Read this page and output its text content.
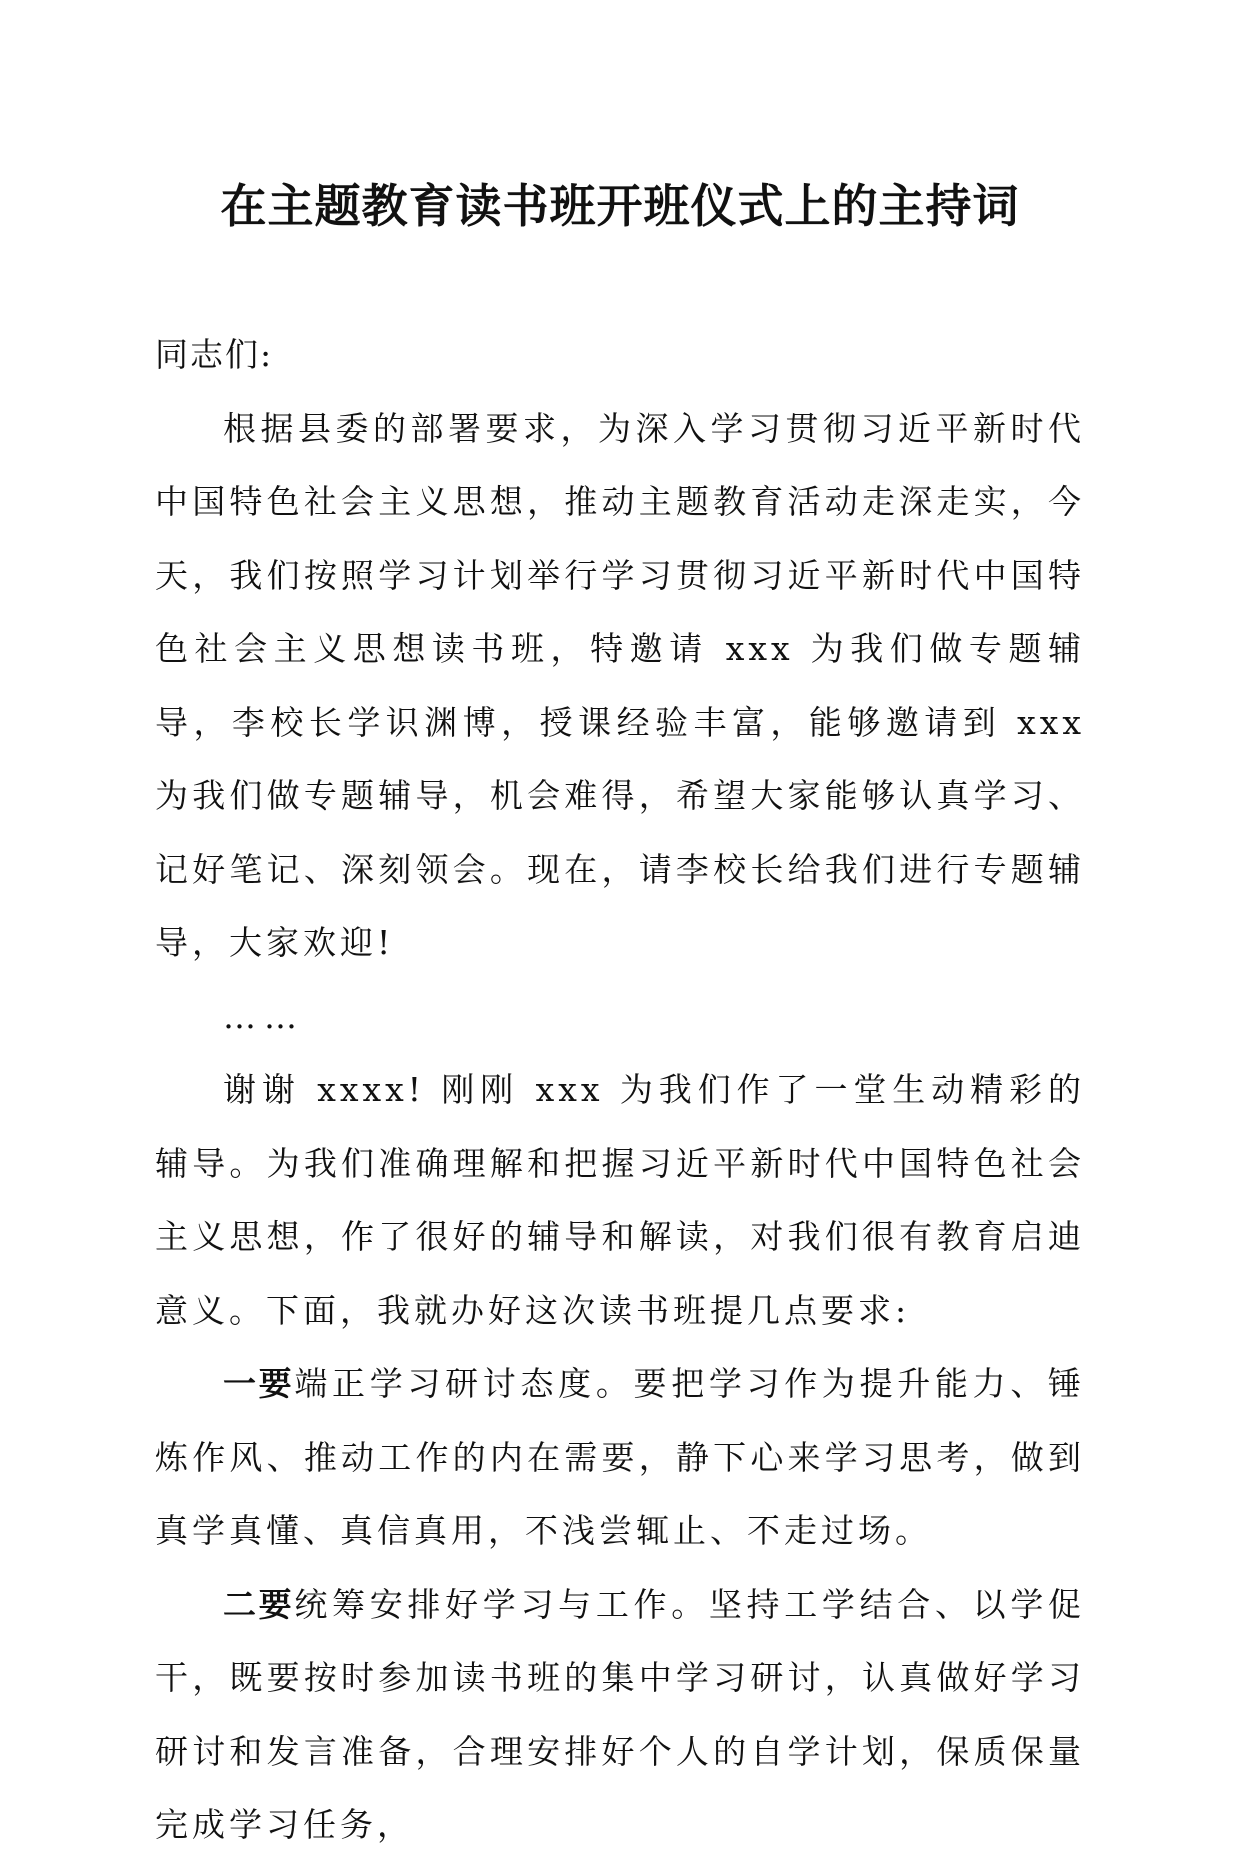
在主题教育读书班开班仪式上的主持词

同志们:

根据县委的部署要求，为深入学习贯彻习近平新时代中国特色社会主义思想，推动主题教育活动走深走实，今天，我们按照学习计划举行学习贯彻习近平新时代中国特色社会主义思想读书班，特邀请 xxx 为我们做专题辅导，李校长学识渊博，授课经验丰富，能够邀请到 xxx 为我们做专题辅导，机会难得，希望大家能够认真学习、记好笔记、深刻领会。现在，请李校长给我们进行专题辅导，大家欢迎!

……

谢谢 xxxx! 刚刚 xxx 为我们作了一堂生动精彩的辅导。为我们准确理解和把握习近平新时代中国特色社会主义思想，作了很好的辅导和解读，对我们很有教育启迪意义。下面，我就办好这次读书班提几点要求:

一要端正学习研讨态度。要把学习作为提升能力、锤炼作风、推动工作的内在需要，静下心来学习思考，做到真学真懂、真信真用，不浅尝辄止、不走过场。

二要统筹安排好学习与工作。坚持工学结合、以学促干，既要按时参加读书班的集中学习研讨，认真做好学习研讨和发言准备，合理安排好个人的自学计划，保质保量完成学习任务，
